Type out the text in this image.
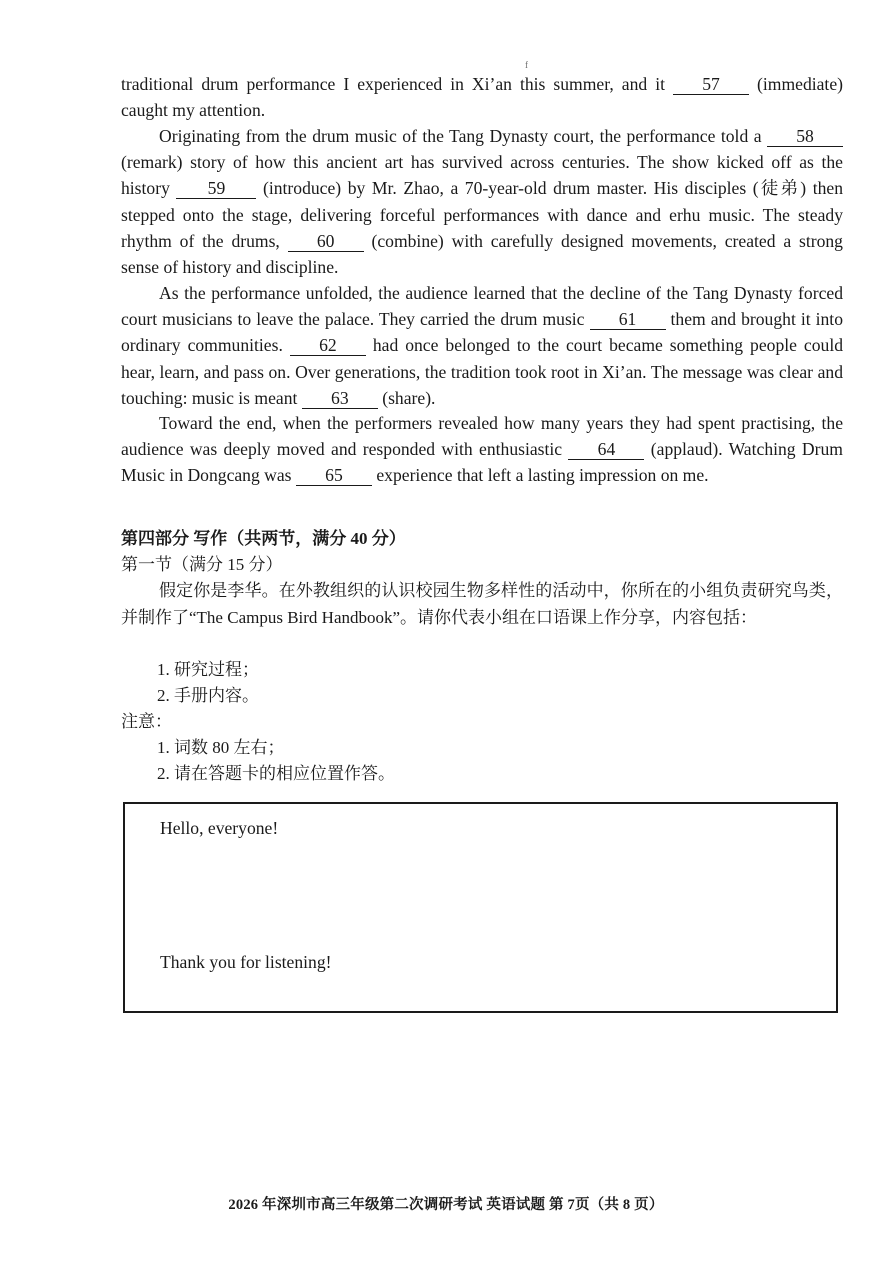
f
traditional drum performance I experienced in Xi’an this summer, and it 57 (immediate) caught my attention.
Originating from the drum music of the Tang Dynasty court, the performance told a 58 (remark) story of how this ancient art has survived across centuries. The show kicked off as the history 59 (introduce) by Mr. Zhao, a 70-year-old drum master. His disciples (徒弟) then stepped onto the stage, delivering forceful performances with dance and erhu music. The steady rhythm of the drums, 60 (combine) with carefully designed movements, created a strong sense of history and discipline.
As the performance unfolded, the audience learned that the decline of the Tang Dynasty forced court musicians to leave the palace. They carried the drum music 61 them and brought it into ordinary communities. 62 had once belonged to the court became something people could hear, learn, and pass on. Over generations, the tradition took root in Xi’an. The message was clear and touching: music is meant 63 (share).
Toward the end, when the performers revealed how many years they had spent practising, the audience was deeply moved and responded with enthusiastic 64 (applaud). Watching Drum Music in Dongcang was 65 experience that left a lasting impression on me.
第四部分 写作（共两节，满分 40 分）
第一节（满分 15 分）
假定你是李华。在外教组织的认识校园生物多样性的活动中，你所在的小组负责研究鸟类，并制作了“The Campus Bird Handbook”。请你代表小组在口语课上作分享，内容包括：
1. 研究过程；
2. 手册内容。
注意：
1. 词数 80 左右；
2. 请在答题卡的相应位置作答。
Hello, everyone!
Thank you for listening!
2026 年深圳市高三年级第二次调研考试 英语试题 第 7页（共 8 页）
